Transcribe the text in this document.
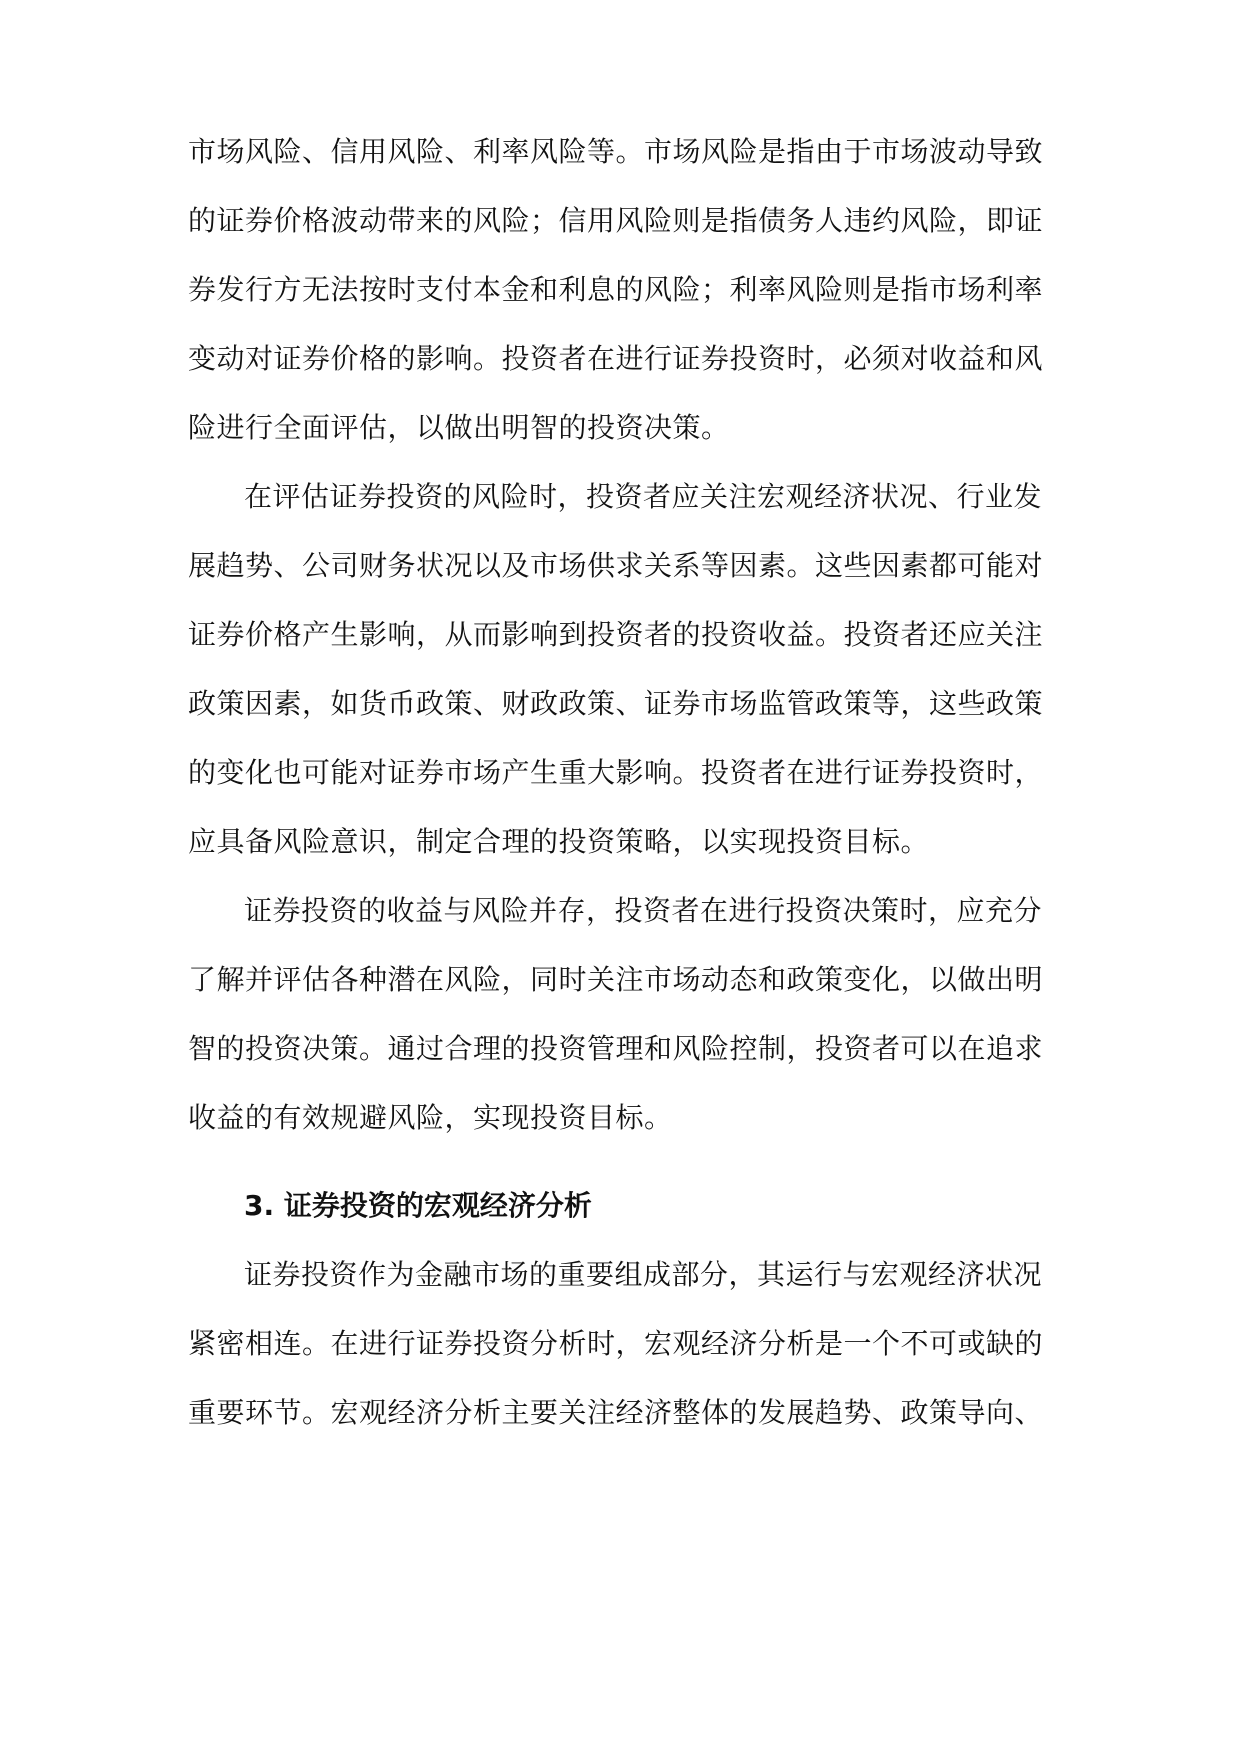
市场风险、信用风险、利率风险等。市场风险是指由于市场波动导致
的证券价格波动带来的风险；信用风险则是指债务人违约风险，即证
券发行方无法按时支付本金和利息的风险；利率风险则是指市场利率
变动对证券价格的影响。投资者在进行证券投资时，必须对收益和风
险进行全面评估，以做出明智的投资决策。
在评估证券投资的风险时，投资者应关注宏观经济状况、行业发
展趋势、公司财务状况以及市场供求关系等因素。这些因素都可能对
证券价格产生影响，从而影响到投资者的投资收益。投资者还应关注
政策因素，如货币政策、财政政策、证券市场监管政策等，这些政策
的变化也可能对证券市场产生重大影响。投资者在进行证券投资时，
应具备风险意识，制定合理的投资策略，以实现投资目标。
证券投资的收益与风险并存，投资者在进行投资决策时，应充分
了解并评估各种潜在风险，同时关注市场动态和政策变化，以做出明
智的投资决策。通过合理的投资管理和风险控制，投资者可以在追求
收益的有效规避风险，实现投资目标。
3. 证券投资的宏观经济分析
证券投资作为金融市场的重要组成部分，其运行与宏观经济状况
紧密相连。在进行证券投资分析时，宏观经济分析是一个不可或缺的
重要环节。宏观经济分析主要关注经济整体的发展趋势、政策导向、
